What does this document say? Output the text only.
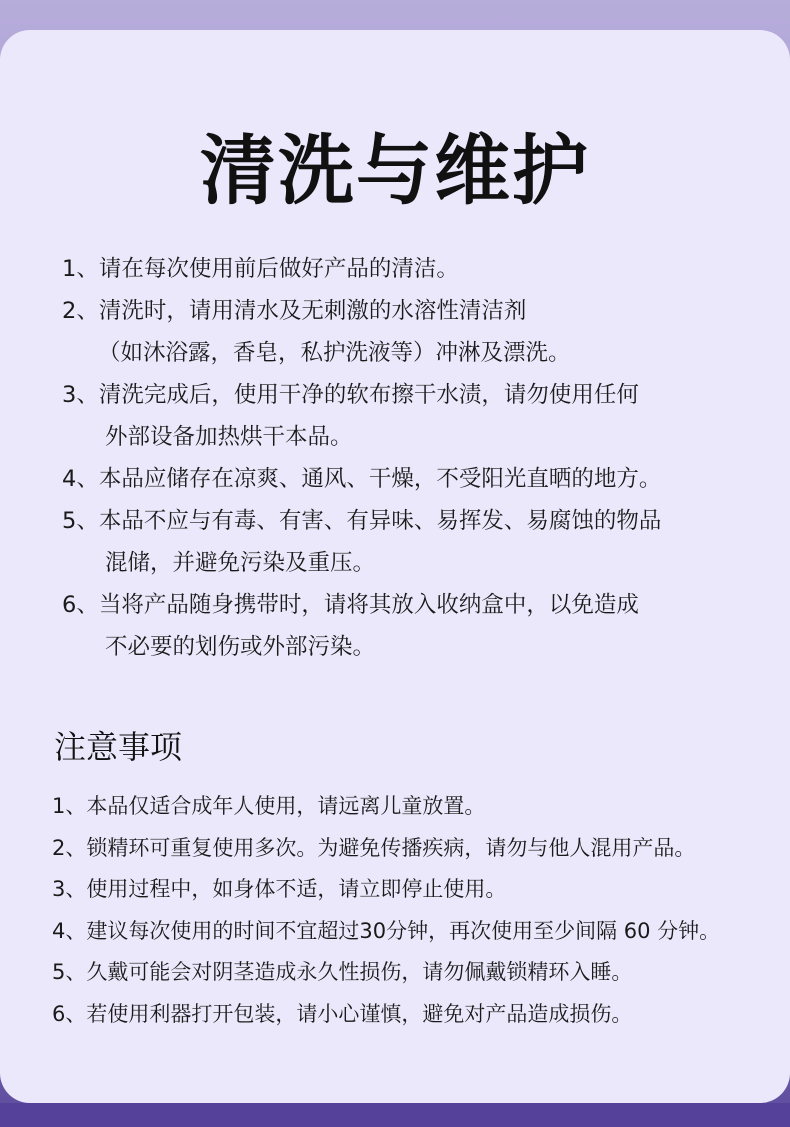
清洗与维护
1、请在每次使用前后做好产品的清洁。
2、清洗时，请用清水及无刺激的水溶性清洁剂
（如沐浴露，香皂，私护洗液等）冲淋及漂洗。
3、清洗完成后，使用干净的软布擦干水渍，请勿使用任何
外部设备加热烘干本品。
4、本品应储存在凉爽、通风、干燥，不受阳光直晒的地方。
5、本品不应与有毒、有害、有异味、易挥发、易腐蚀的物品
混储，并避免污染及重压。
6、当将产品随身携带时，请将其放入收纳盒中，以免造成
不必要的划伤或外部污染。
注意事项
1、本品仅适合成年人使用，请远离儿童放置。
2、锁精环可重复使用多次。为避免传播疾病，请勿与他人混用产品。
3、使用过程中，如身体不适，请立即停止使用。
4、建议每次使用的时间不宜超过30分钟，再次使用至少间隔 60 分钟。
5、久戴可能会对阴茎造成永久性损伤，请勿佩戴锁精环入睡。
6、若使用利器打开包装，请小心谨慎，避免对产品造成损伤。
